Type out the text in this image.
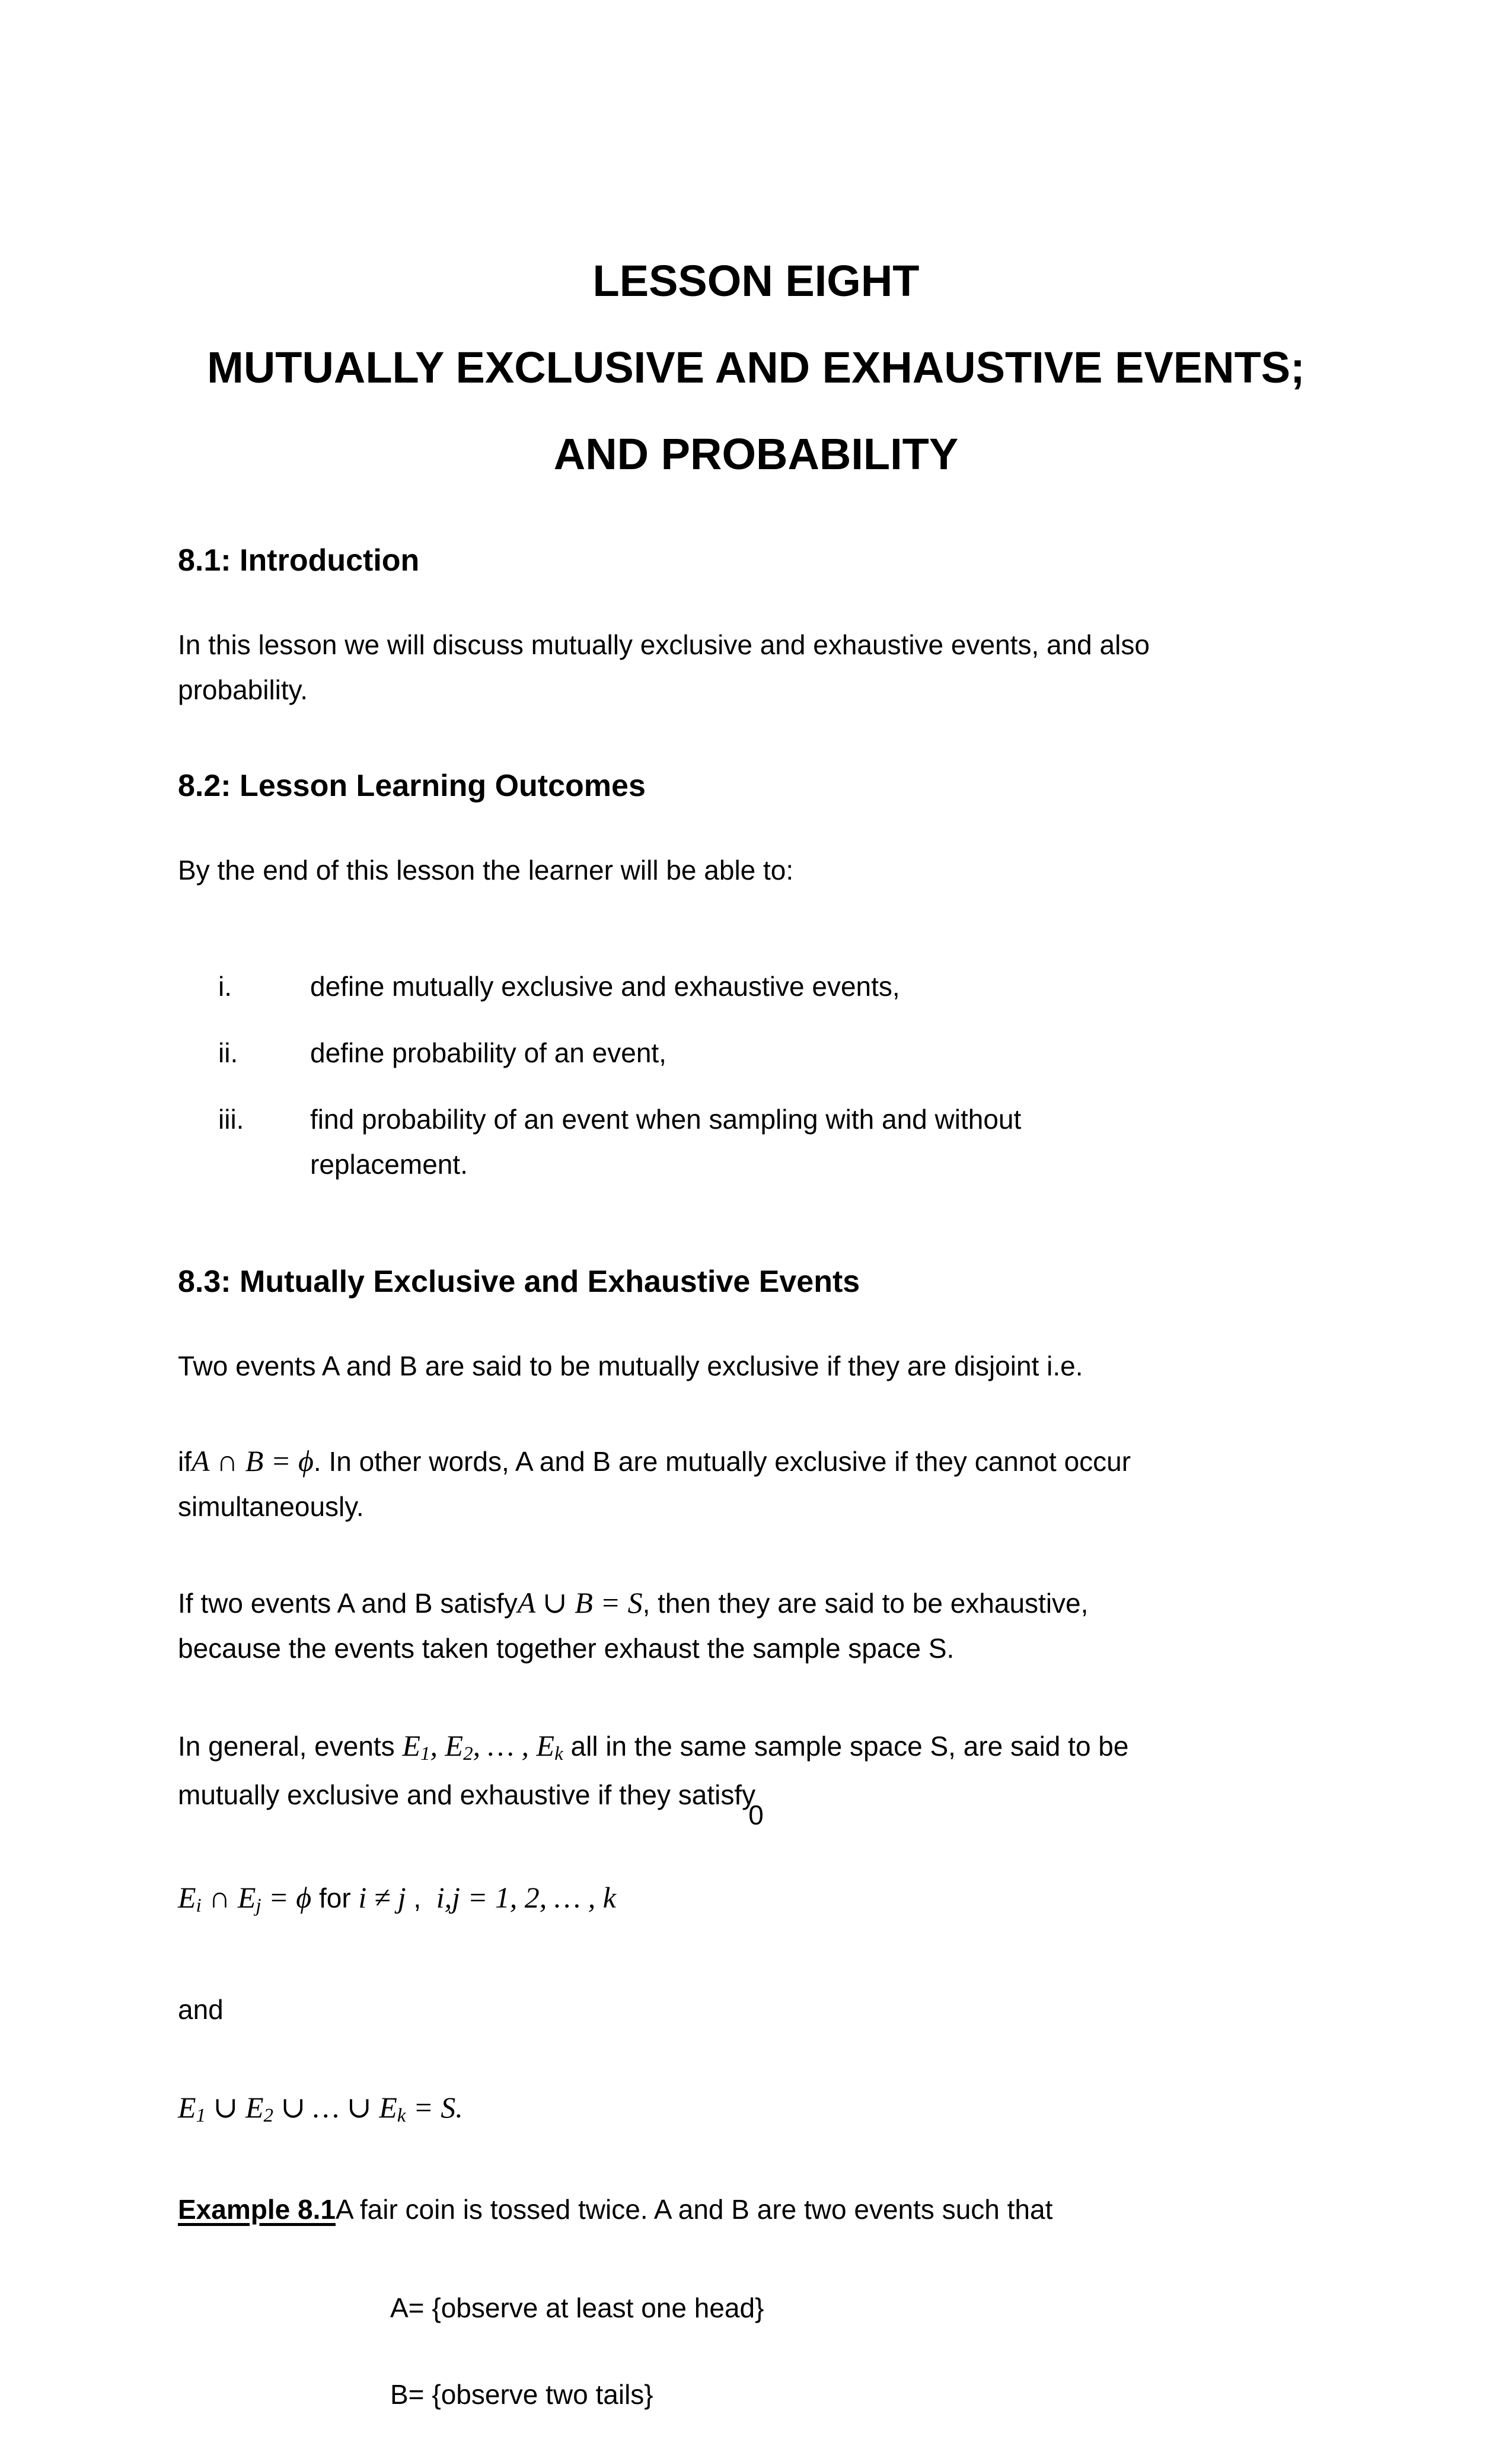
LESSON EIGHT

MUTUALLY EXCLUSIVE AND EXHAUSTIVE EVENTS;

AND PROBABILITY

8.1: Introduction

In this lesson we will discuss mutually exclusive and exhaustive events, and also
probability.

8.2: Lesson Learning Outcomes

By the end of this lesson the learner will be able to:

i.	define mutually exclusive and exhaustive events,

ii.	define probability of an event,

iii.	find probability of an event when sampling with and without
replacement.

8.3: Mutually Exclusive and Exhaustive Events

Two events A and B are said to be mutually exclusive if they are disjoint i.e.

ifA ∩ B = ϕ. In other words, A and B are mutually exclusive if they cannot occur
simultaneously.

If two events A and B satisfyA ∪ B = S, then they are said to be exhaustive,
because the events taken together exhaust the sample space S.

In general, events E1, E2, … , Ek all in the same sample space S, are said to be
mutually exclusive and exhaustive if they satisfy

Ei ∩ Ej = ϕ for i ≠ j ,  i,j = 1, 2, … , k

and

E1 ∪ E2 ∪ … ∪ Ek = S.

Example 8.1A fair coin is tossed twice. A and B are two events such that

A= {observe at least one head}

B= {observe two tails}

0
